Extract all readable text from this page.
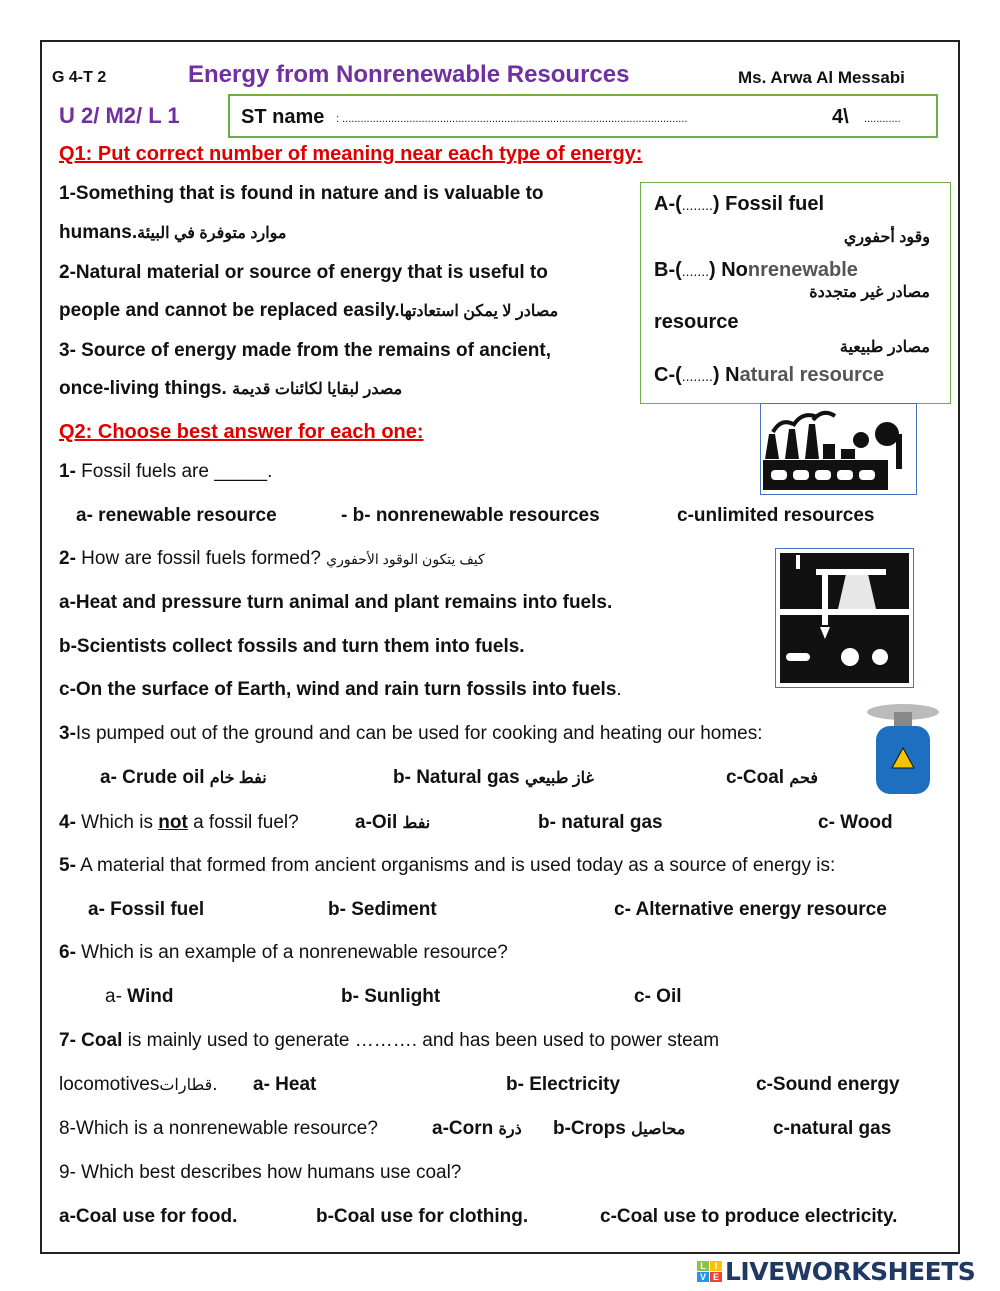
G 4-T 2	Energy from Nonrenewable Resources	Ms. Arwa Al Messabi
U 2/ M2/ L 1	ST name : .................................................................................................................	4\ ............
Q1: Put correct number of meaning near each type of energy:
1-Something that is found in nature and is valuable to
humans.موارد متوفرة في البيئة
2-Natural material or source of energy that is useful to
people and cannot be replaced easily.مصادر لا يمكن استعادتها
3- Source of energy made from the remains of ancient,
once-living things. مصدر لبقايا لكائنات قديمة
A-(........) Fossil fuel
وقود أحفوري
B-(.......) Nonrenewable
مصادر غير متجددة
resource
مصادر طبيعية
C-(........) Natural resource
Q2: Choose best answer for each one:
1- Fossil fuels are _____.
a- renewable resource	- b- nonrenewable resources	c-unlimited resources
2- How are fossil fuels formed? كيف يتكون الوقود الأحفوري
a-Heat and pressure turn animal and plant remains into fuels.
b-Scientists collect fossils and turn them into fuels.
c-On the surface of Earth, wind and rain turn fossils into fuels.
3-Is pumped out of the ground and can be used for cooking and heating our homes:
a- Crude oil نفط خام	b- Natural gas غاز طبيعي	c-Coal فحم
4- Which is not a fossil fuel?	a-Oil نفط	b- natural gas	c- Wood
5- A material that formed from ancient organisms and is used today as a source of energy is:
a- Fossil fuel	b- Sediment	c- Alternative energy resource
6- Which is an example of a nonrenewable resource?
a- Wind	b- Sunlight	c- Oil
7- Coal is mainly used to generate ………. and has been used to power steam
locomotivesقطارات. a- Heat	b- Electricity	c-Sound energy
8-Which is a nonrenewable resource?	a-Corn ذرة b-Crops محاصيل	c-natural gas
9- Which best describes how humans use coal?
a-Coal use for food.	b-Coal use for clothing.	c-Coal use to produce electricity.
L I
V E LIVEWORKSHEETS
